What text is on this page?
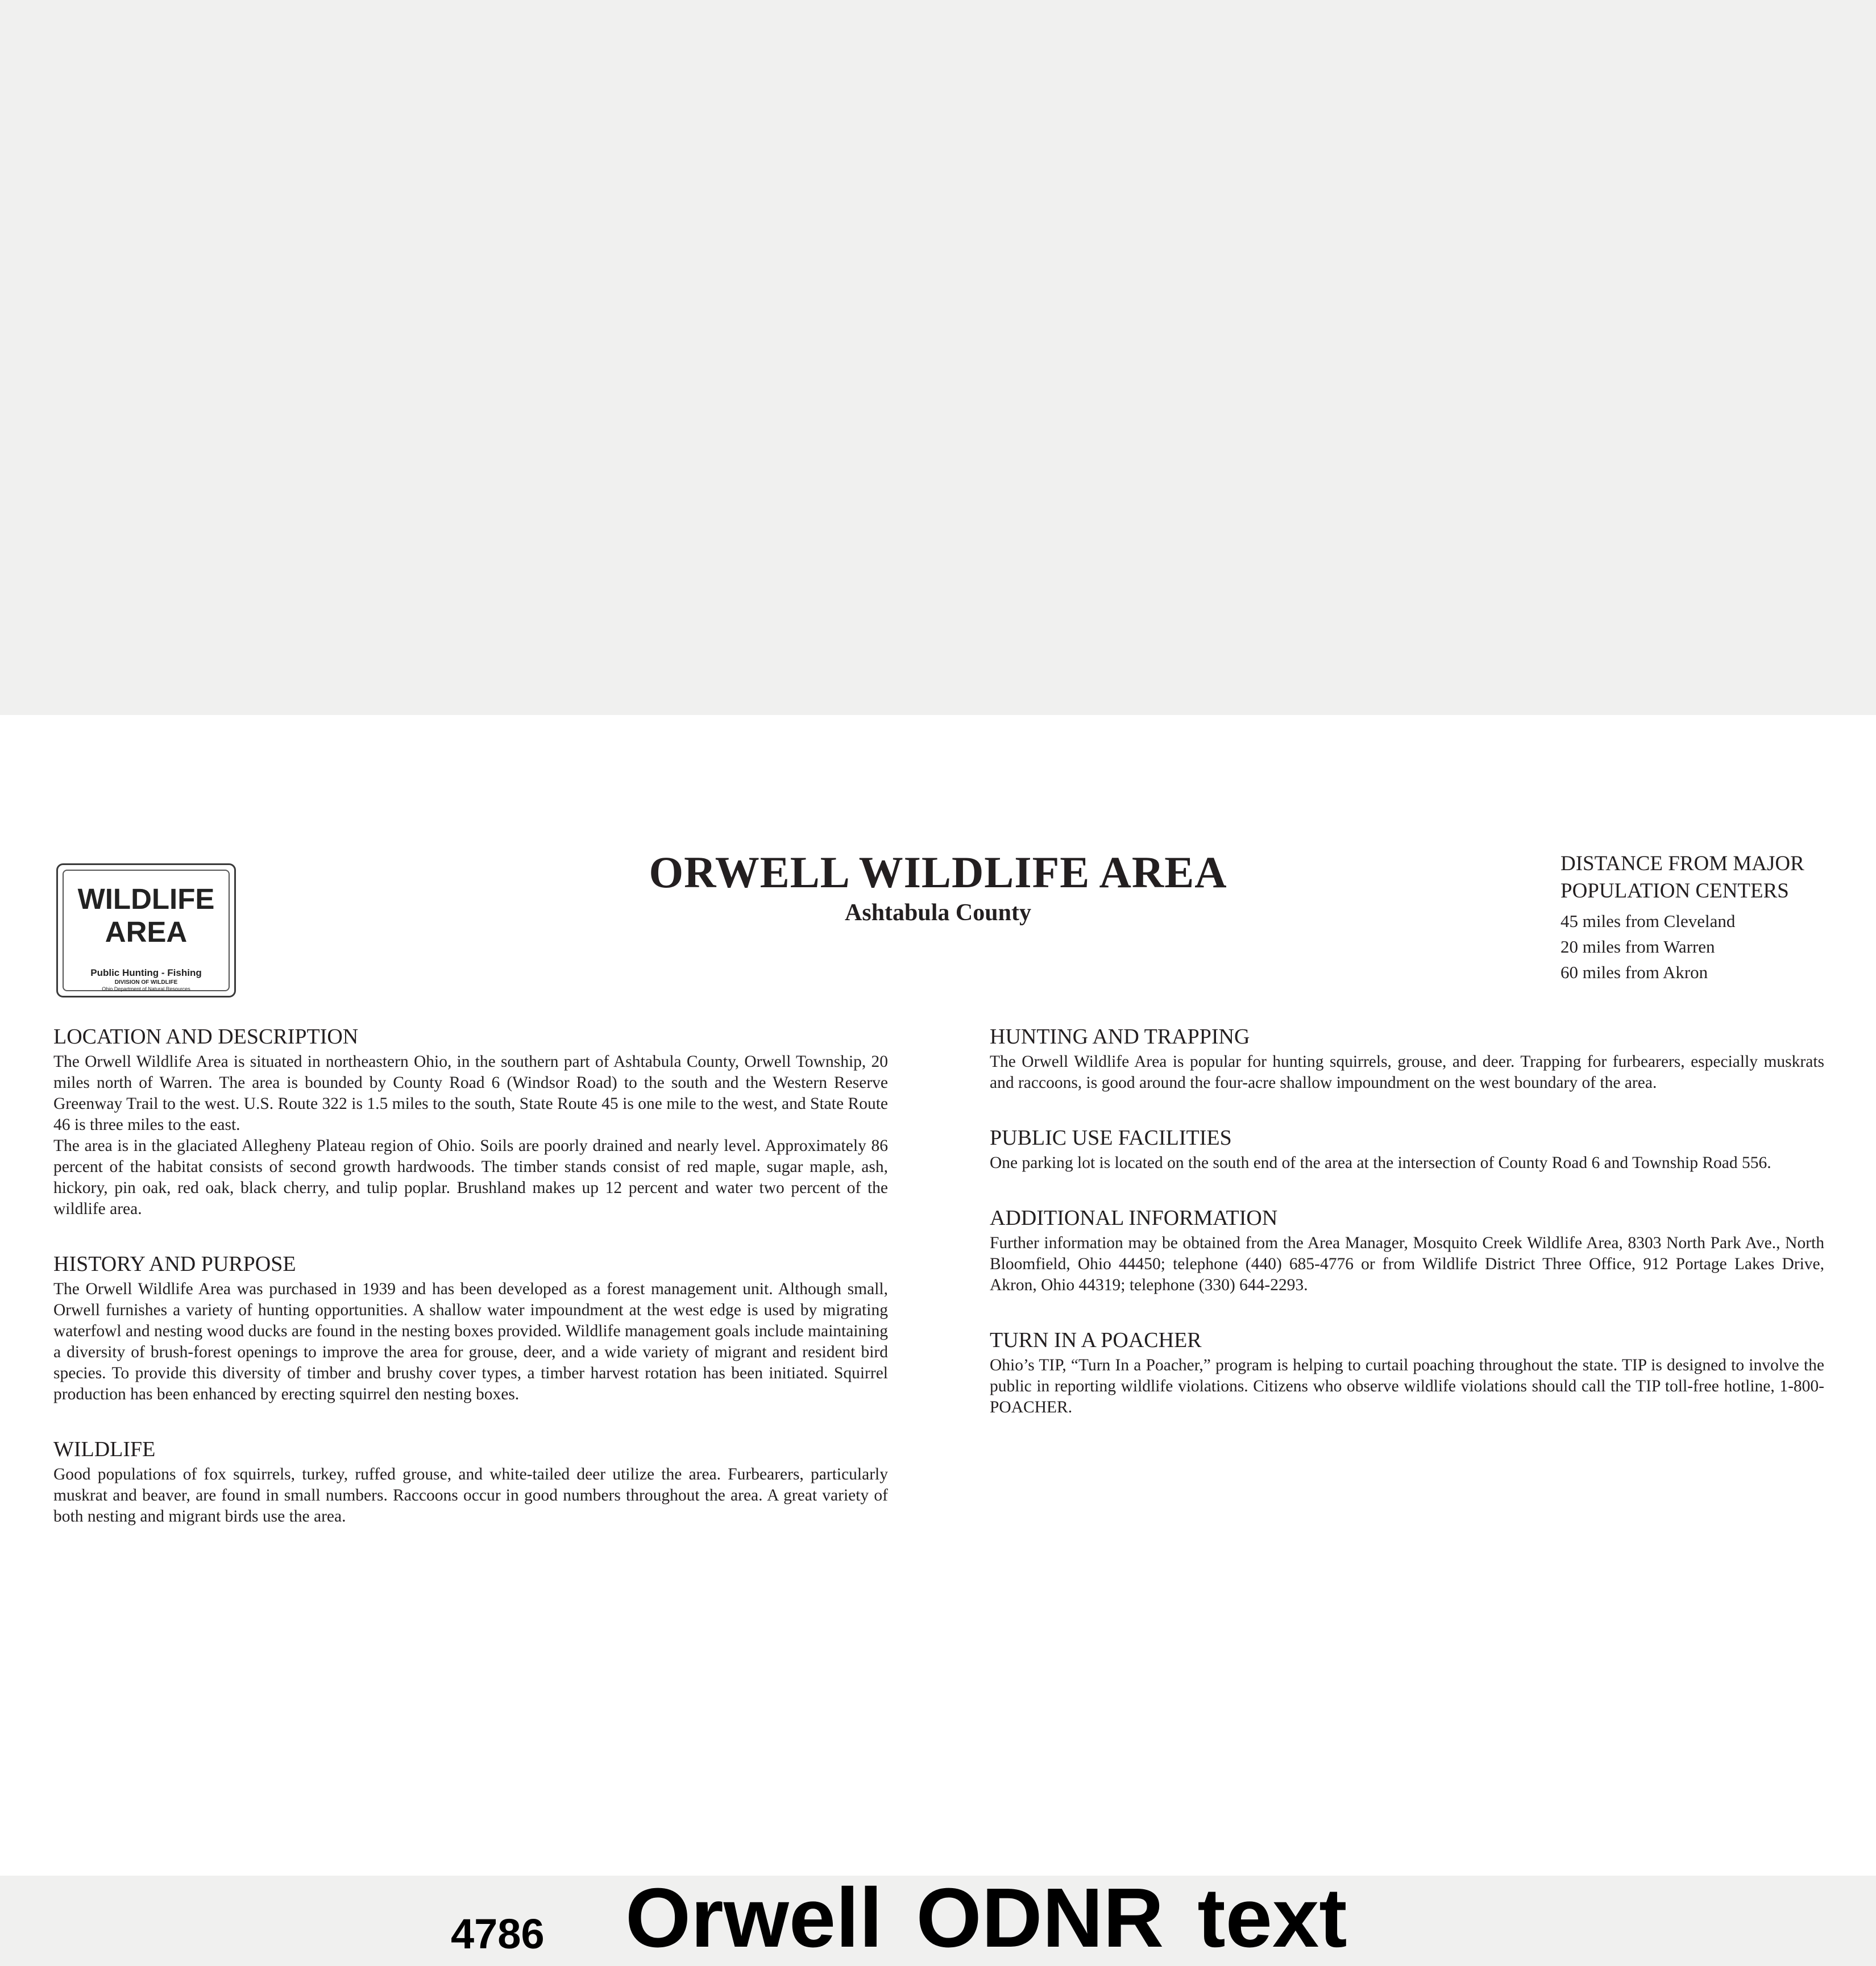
WILDLIFE
AREA
Public Hunting - Fishing
DIVISION OF WILDLIFE
Ohio Department of Natural Resources
ORWELL WILDLIFE AREA
Ashtabula County
DISTANCE FROM MAJOR
POPULATION CENTERS
45 miles from Cleveland
20 miles from Warren
60 miles from Akron
LOCATION AND DESCRIPTION

The Orwell Wildlife Area is situated in northeastern Ohio, in the southern part of Ashtabula County, Orwell Township, 20 miles north of Warren. The area is bounded by County Road 6 (Windsor Road) to the south and the Western Reserve Greenway Trail to the west. U.S. Route 322 is 1.5 miles to the south, State Route 45 is one mile to the west, and State Route 46 is three miles to the east.

The area is in the glaciated Allegheny Plateau region of Ohio. Soils are poorly drained and nearly level. Approximately 86 percent of the habitat consists of second growth hardwoods. The timber stands consist of red maple, sugar maple, ash, hickory, pin oak, red oak, black cherry, and tulip poplar. Brushland makes up 12 percent and water two percent of the wildlife area.

HISTORY AND PURPOSE

The Orwell Wildlife Area was purchased in 1939 and has been developed as a forest management unit. Although small, Orwell furnishes a variety of hunting opportunities. A shallow water impoundment at the west edge is used by migrating waterfowl and nesting wood ducks are found in the nesting boxes provided. Wildlife management goals include maintaining a diversity of brush-forest openings to improve the area for grouse, deer, and a wide variety of migrant and resident bird species. To provide this diversity of timber and brushy cover types, a timber harvest rotation has been initiated. Squirrel production has been enhanced by erecting squirrel den nesting boxes.

WILDLIFE

Good populations of fox squirrels, turkey, ruffed grouse, and white-tailed deer utilize the area. Furbearers, particularly muskrat and beaver, are found in small numbers. Raccoons occur in good numbers throughout the area. A great variety of both nesting and migrant birds use the area.

HUNTING AND TRAPPING

The Orwell Wildlife Area is popular for hunting squirrels, grouse, and deer. Trapping for furbearers, especially muskrats and raccoons, is good around the four-acre shallow impoundment on the west boundary of the area.

PUBLIC USE FACILITIES

One parking lot is located on the south end of the area at the intersection of County Road 6 and Township Road 556.

ADDITIONAL INFORMATION

Further information may be obtained from the Area Manager, Mosquito Creek Wildlife Area, 8303 North Park Ave., North Bloomfield, Ohio 44450; telephone (440) 685-4776 or from Wildlife District Three Office, 912 Portage Lakes Drive, Akron, Ohio 44319; telephone (330) 644-2293.

TURN IN A POACHER

Ohio’s TIP, “Turn In a Poacher,” program is helping to curtail poaching throughout the state. TIP is designed to involve the public in reporting wildlife violations. Citizens who observe wildlife violations should call the TIP toll-free hotline, 1-800-POACHER.

4786 Orwell ODNR text
